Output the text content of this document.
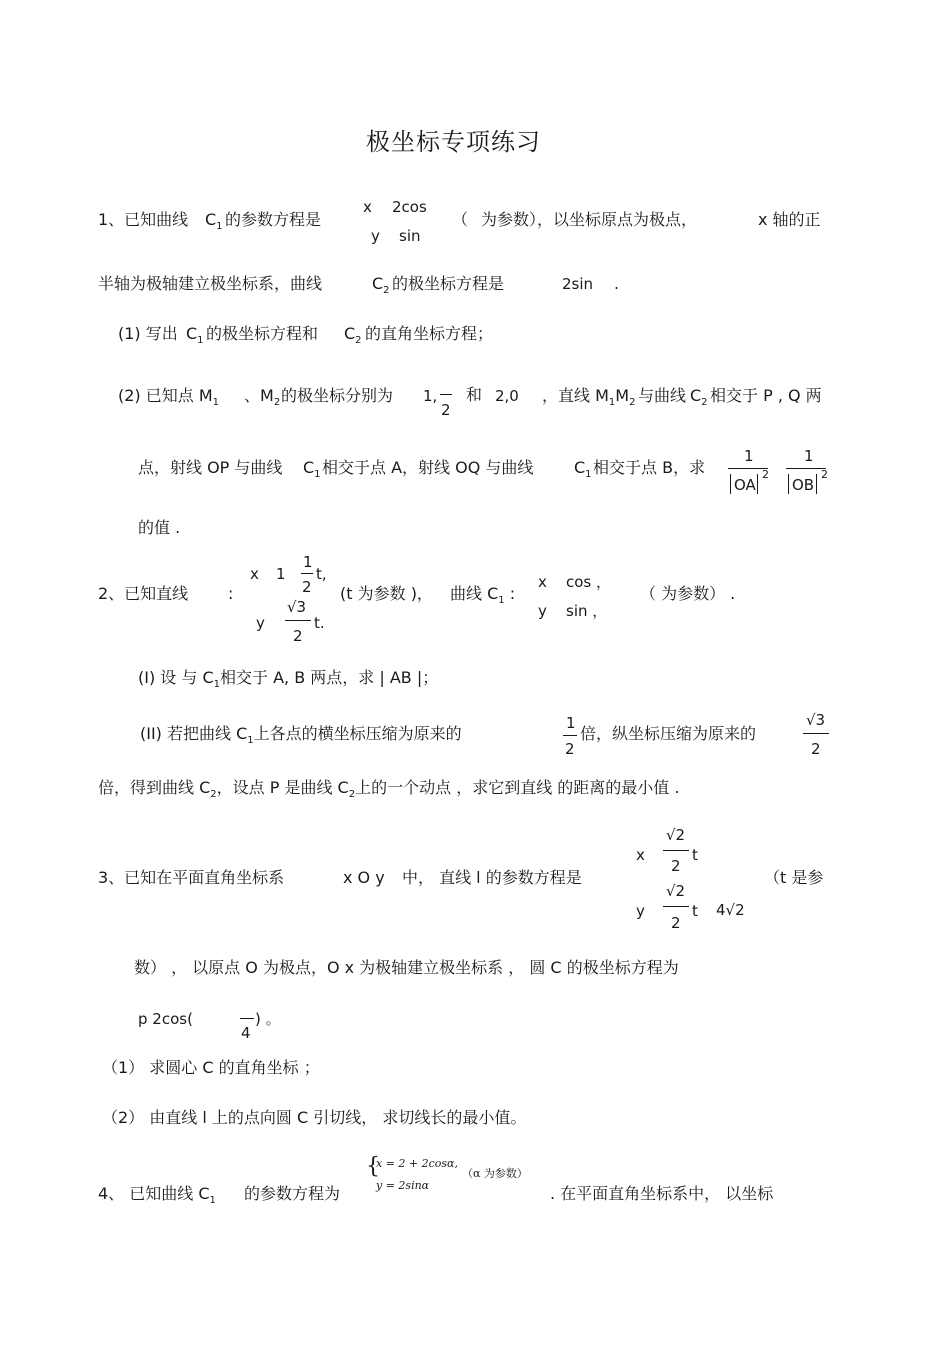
极坐标专项练习
1、已知曲线 $C_1$ 的参数方程是
x 2cos
y sin
（ 为参数），以坐标原点为极点，	x 轴的正
半轴为极轴建立极坐标系，曲线	$C_2$ 的极坐标方程是	2sin .
(1) 写出 $C_1$ 的极坐标方程和 $C_2$ 的直角坐标方程；
(2) 已知点 $M_1$ 、$M_2$ 的极坐标分别为 1,
2
和 2,0 ，直线 $M_1M_2$ 与曲线 $C_2$ 相交于 P , Q 两
点，射线 OP 与曲线 $C_1$ 相交于点 A，射线 OQ 与曲线	$C_1$ 相交于点 B，求
1
OA
2
1
OB
2
的值 .
2、已知直线 :
x 1
1
2
t,
y
√3
2
t.
(t 为参数 )， 曲线 $C_1$ :
x cos ，
y sin ，
（ 为参数） .
(I) 设 与 $C_1$相交于 A, B 两点，求 | AB |；
(II) 若把曲线 $C_1$上各点的横坐标压缩为原来的
1
2
倍，纵坐标压缩为原来的
√3
2
倍，得到曲线 $C_2$，设点 P 是曲线 $C_2$上的一个动点 ，求它到直线 的距离的最小值 .
3、已知在平面直角坐标系	x O y 中， 直线 l 的参数方程是
x
√2
2
t
y
√2
2
t 4√2
（t 是参
数） ， 以原点 O 为极点，O x 为极轴建立极坐标系 ， 圆 C 的极坐标方程为
p 2cos(
4
) 。
（1） 求圆心 C 的直角坐标 ；
（2） 由直线 l 上的点向圆 C 引切线， 求切线长的最小值。
4、 已知曲线 $C_1$ 的参数方程为
{
x = 2 + 2cosα,
y = 2sinα
（α 为参数）
. 在平面直角坐标系中， 以坐标
